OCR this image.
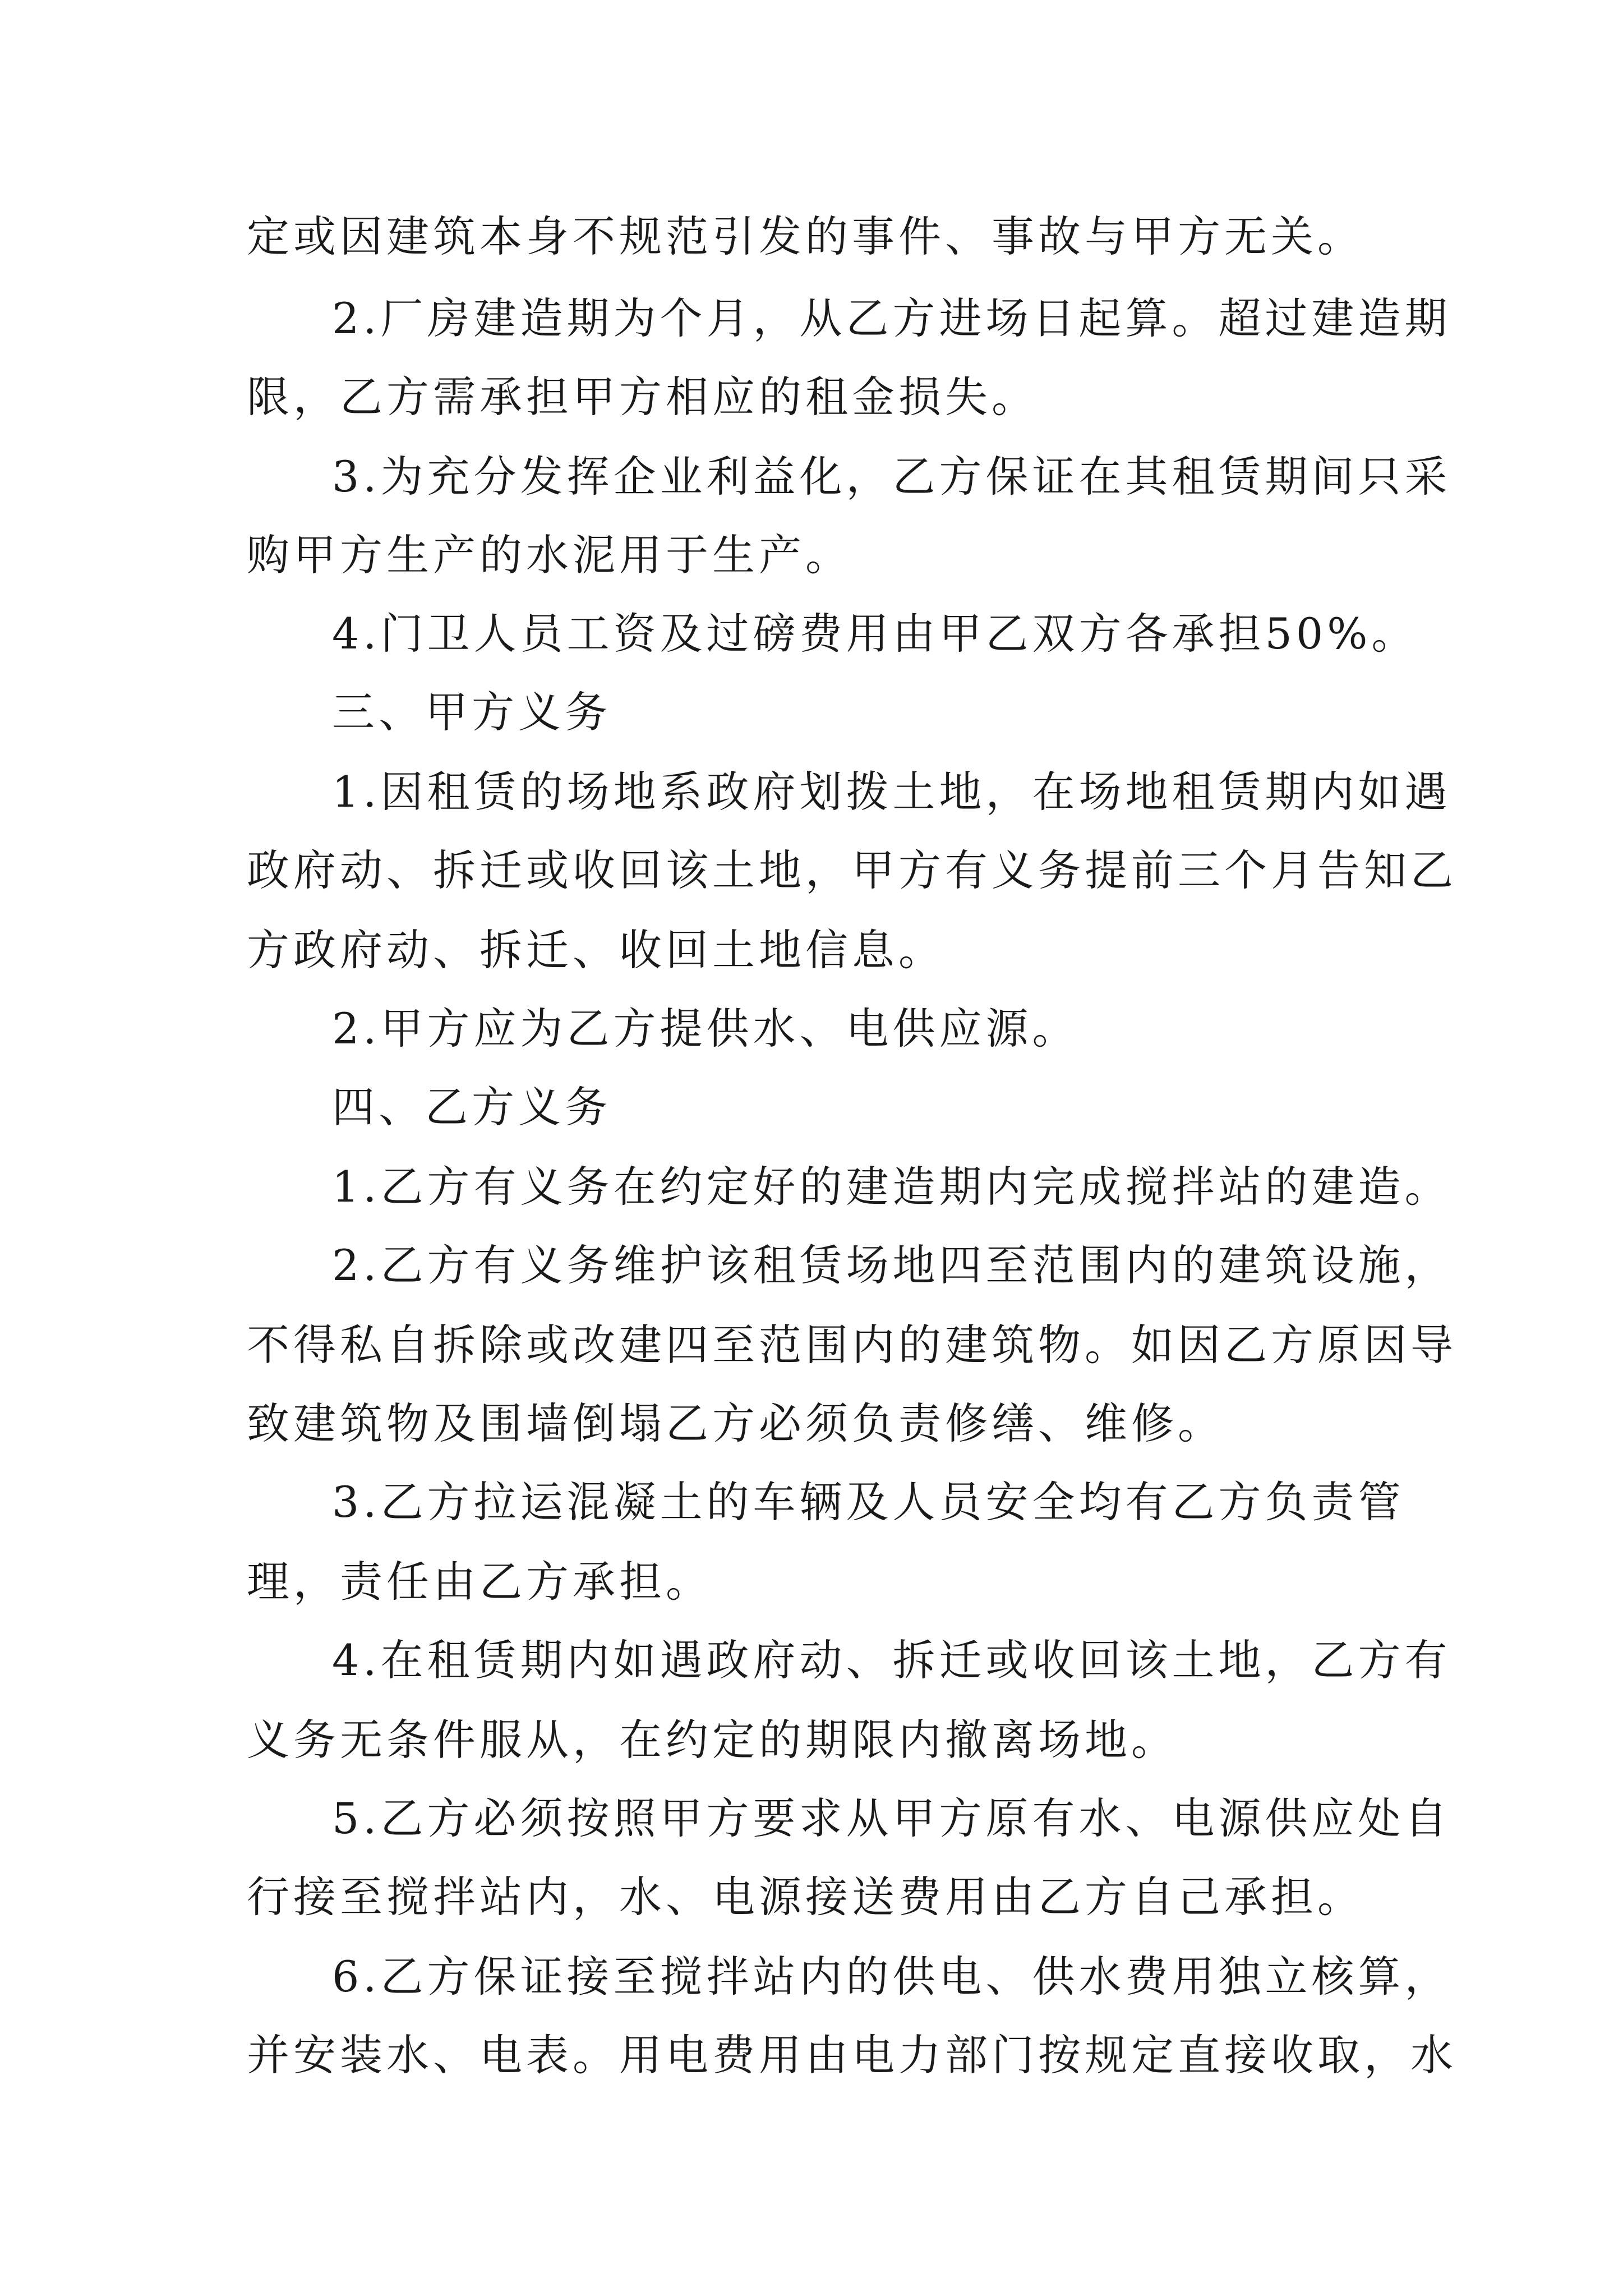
定或因建筑本身不规范引发的事件、事故与甲方无关。
2.厂房建造期为个月，从乙方进场日起算。超过建造期
限，乙方需承担甲方相应的租金损失。
3.为充分发挥企业利益化，乙方保证在其租赁期间只采
购甲方生产的水泥用于生产。
4.门卫人员工资及过磅费用由甲乙双方各承担50%。
三、甲方义务
1.因租赁的场地系政府划拨土地，在场地租赁期内如遇
政府动、拆迁或收回该土地，甲方有义务提前三个月告知乙
方政府动、拆迁、收回土地信息。
2.甲方应为乙方提供水、电供应源。
四、乙方义务
1.乙方有义务在约定好的建造期内完成搅拌站的建造。
2.乙方有义务维护该租赁场地四至范围内的建筑设施，
不得私自拆除或改建四至范围内的建筑物。如因乙方原因导
致建筑物及围墙倒塌乙方必须负责修缮、维修。
3.乙方拉运混凝土的车辆及人员安全均有乙方负责管
理，责任由乙方承担。
4.在租赁期内如遇政府动、拆迁或收回该土地，乙方有
义务无条件服从，在约定的期限内撤离场地。
5.乙方必须按照甲方要求从甲方原有水、电源供应处自
行接至搅拌站内，水、电源接送费用由乙方自己承担。
6.乙方保证接至搅拌站内的供电、供水费用独立核算，
并安装水、电表。用电费用由电力部门按规定直接收取，水
